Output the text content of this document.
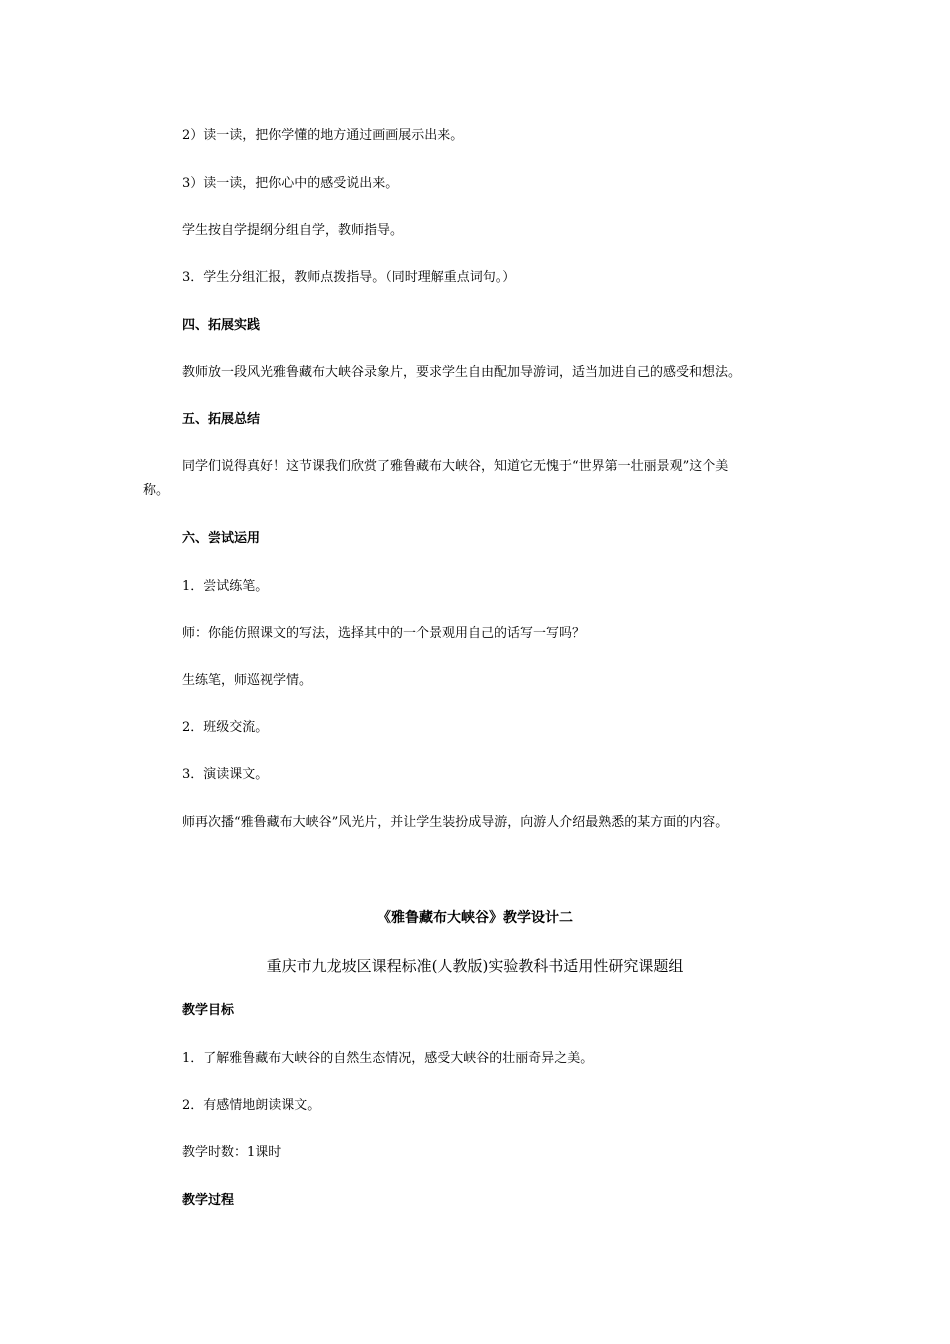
2）读一读，把你学懂的地方通过画画展示出来。
3）读一读，把你心中的感受说出来。
学生按自学提纲分组自学，教师指导。
3．学生分组汇报，教师点拨指导。（同时理解重点词句。）
四、拓展实践
教师放一段风光雅鲁藏布大峡谷录象片，要求学生自由配加导游词，适当加进自己的感受和想法。
五、拓展总结
同学们说得真好！这节课我们欣赏了雅鲁藏布大峡谷，知道它无愧于“世界第一壮丽景观”这个美
称。
六、尝试运用
1．尝试练笔。
师：你能仿照课文的写法，选择其中的一个景观用自己的话写一写吗？
生练笔，师巡视学情。
2．班级交流。
3．演读课文。
师再次播“雅鲁藏布大峡谷”风光片，并让学生装扮成导游，向游人介绍最熟悉的某方面的内容。
《雅鲁藏布大峡谷》教学设计二
重庆市九龙坡区课程标准(人教版)实验教科书适用性研究课题组
教学目标
1．了解雅鲁藏布大峡谷的自然生态情况，感受大峡谷的壮丽奇异之美。
2．有感情地朗读课文。
教学时数：1课时
教学过程
